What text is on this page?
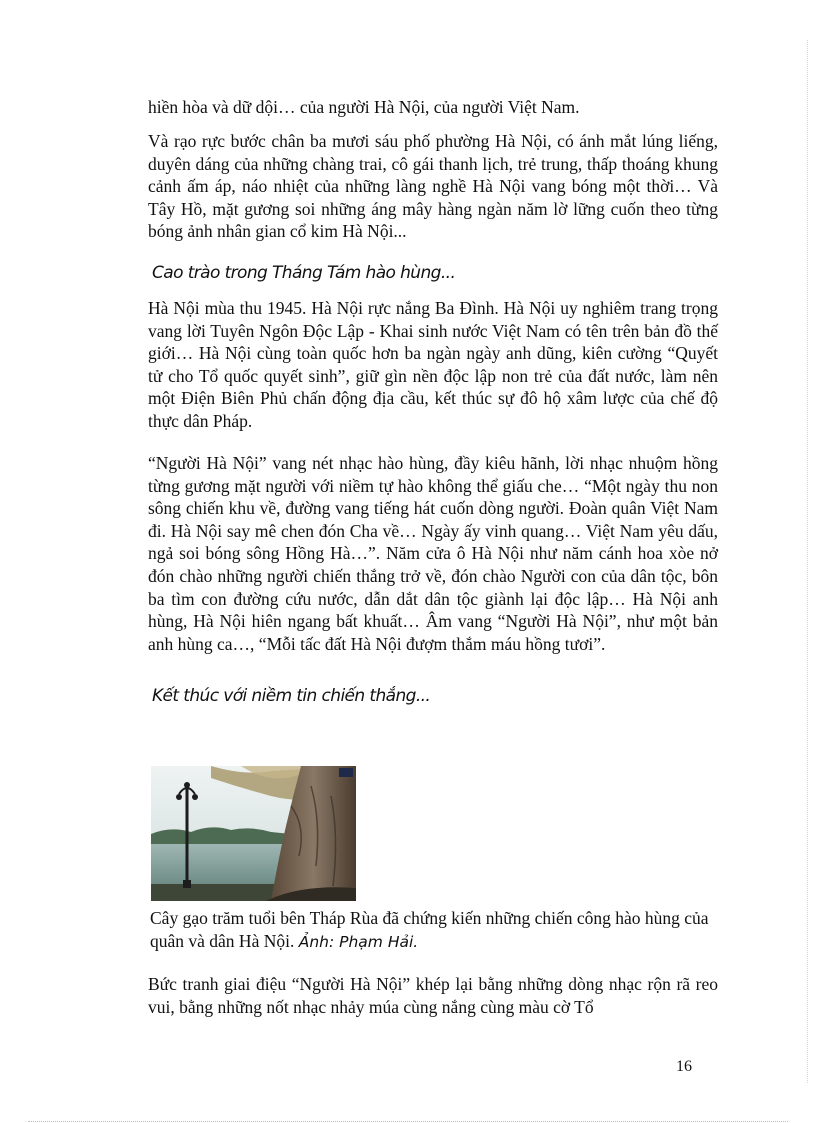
hiền hòa và dữ dội… của người Hà Nội, của người Việt Nam.

Và rạo rực bước chân ba mươi sáu phố phường Hà Nội, có ánh mắt lúng liếng, duyên dáng của những chàng trai, cô gái thanh lịch, trẻ trung, thấp thoáng khung cảnh ấm áp, náo nhiệt của những làng nghề Hà Nội vang bóng một thời… Và Tây Hồ, mặt gương soi những áng mây hàng ngàn năm lờ lững cuốn theo từng bóng ảnh nhân gian cổ kim Hà Nội...

Cao trào trong Tháng Tám hào hùng...

Hà Nội mùa thu 1945. Hà Nội rực nắng Ba Đình. Hà Nội uy nghiêm trang trọng vang lời Tuyên Ngôn Độc Lập - Khai sinh nước Việt Nam có tên trên bản đồ thế giới… Hà Nội cùng toàn quốc hơn ba ngàn ngày anh dũng, kiên cường “Quyết tử cho Tổ quốc quyết sinh”, giữ gìn nền độc lập non trẻ của đất nước, làm nên một Điện Biên Phủ chấn động địa cầu, kết thúc sự đô hộ xâm lược của chế độ thực dân Pháp.

“Người Hà Nội” vang nét nhạc hào hùng, đầy kiêu hãnh, lời nhạc nhuộm hồng từng gương mặt người với niềm tự hào không thể giấu che… “Một ngày thu non sông chiến khu về, đường vang tiếng hát cuốn dòng người. Đoàn quân Việt Nam đi. Hà Nội say mê chen đón Cha về… Ngày ấy vinh quang… Việt Nam yêu dấu, ngả soi bóng sông Hồng Hà…”. Năm cửa ô Hà Nội như năm cánh hoa xòe nở đón chào những người chiến thắng trở về, đón chào Người con của dân tộc, bôn ba tìm con đường cứu nước, dẫn dắt dân tộc giành lại độc lập… Hà Nội anh hùng, Hà Nội hiên ngang bất khuất… Âm vang “Người Hà Nội”, như một bản anh hùng ca…, “Mỗi tấc đất Hà Nội đượm thắm máu hồng tươi”.

Kết thúc với niềm tin chiến thắng...

Cây gạo trăm tuổi bên Tháp Rùa đã chứng kiến những chiến công hào hùng của quân và dân Hà Nội. Ảnh: Phạm Hải.

Bức tranh giai điệu “Người Hà Nội” khép lại bằng những dòng nhạc rộn rã reo vui, bằng những nốt nhạc nhảy múa cùng nắng cùng màu cờ Tổ

16
